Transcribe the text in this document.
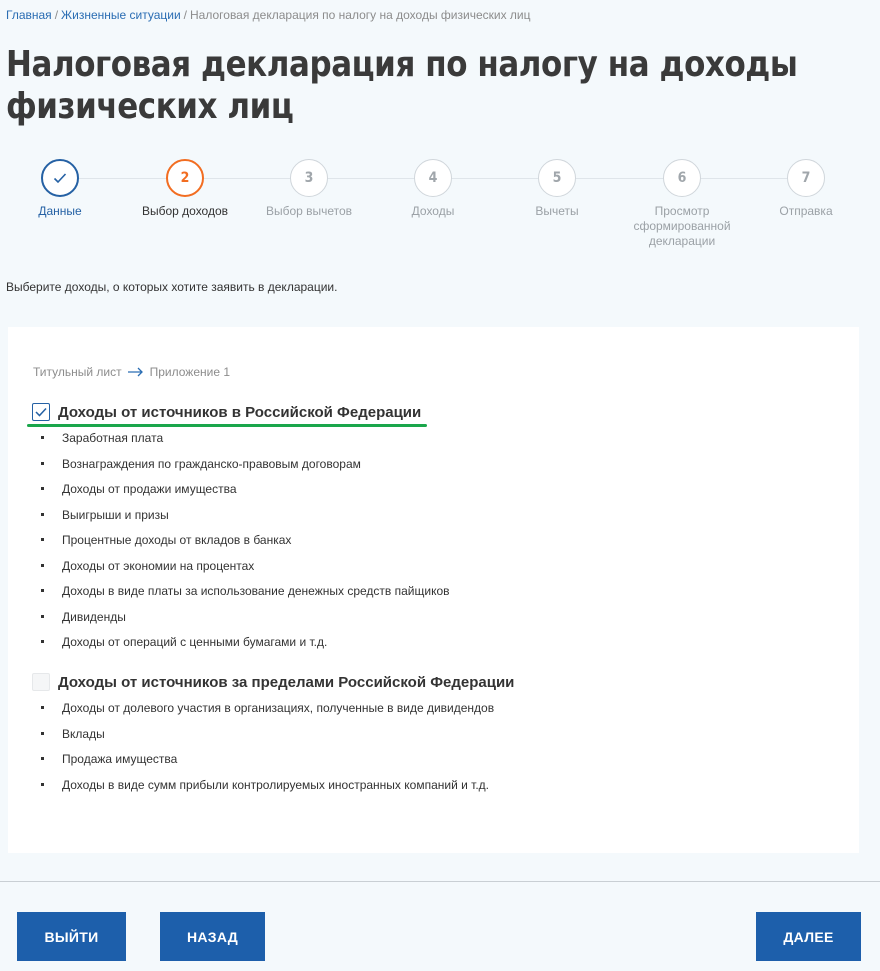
Главная / Жизненные ситуации / Налоговая декларация по налогу на доходы физических лиц
Налоговая декларация по налогу на доходы физических лиц
Данные
2
Выбор доходов
3
Выбор вычетов
4
Доходы
5
Вычеты
6
Просмотр сформированной декларации
7
Отправка

Выберите доходы, о которых хотите заявить в декларации.

Титульный лист Приложение 1
Доходы от источников в Российской Федерации
Заработная плата
Вознаграждения по гражданско-правовым договорам
Доходы от продажи имущества
Выигрыши и призы
Процентные доходы от вкладов в банках
Доходы от экономии на процентах
Доходы в виде платы за использование денежных средств пайщиков
Дивиденды
Доходы от операций с ценными бумагами и т.д.
Доходы от источников за пределами Российской Федерации
Доходы от долевого участия в организациях, полученные в виде дивидендов
Вклады
Продажа имущества
Доходы в виде сумм прибыли контролируемых иностранных компаний и т.д.
ВЫЙТИ	НАЗАД	ДАЛЕЕ
